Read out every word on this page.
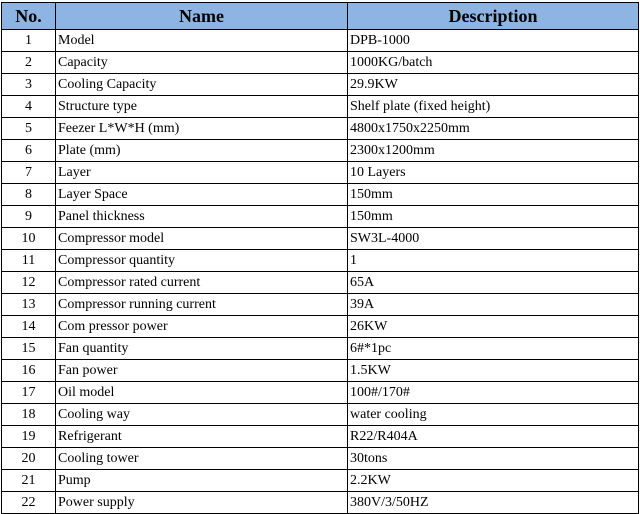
No.	Name	Description
1	Model	DPB-1000
2	Capacity	1000KG/batch
3	Cooling Capacity	29.9KW
4	Structure type	Shelf plate (fixed height)
5	Feezer L*W*H (mm)	4800x1750x2250mm
6	Plate (mm)	2300x1200mm
7	Layer	10 Layers
8	Layer Space	150mm
9	Panel thickness	150mm
10	Compressor model	SW3L-4000
11	Compressor quantity	1
12	Compressor rated current	65A
13	Compressor running current	39A
14	Com pressor power	26KW
15	Fan quantity	6#*1pc
16	Fan power	1.5KW
17	Oil model	100#/170#
18	Cooling way	water cooling
19	Refrigerant	R22/R404A
20	Cooling tower	30tons
21	Pump	2.2KW
22	Power supply	380V/3/50HZ
